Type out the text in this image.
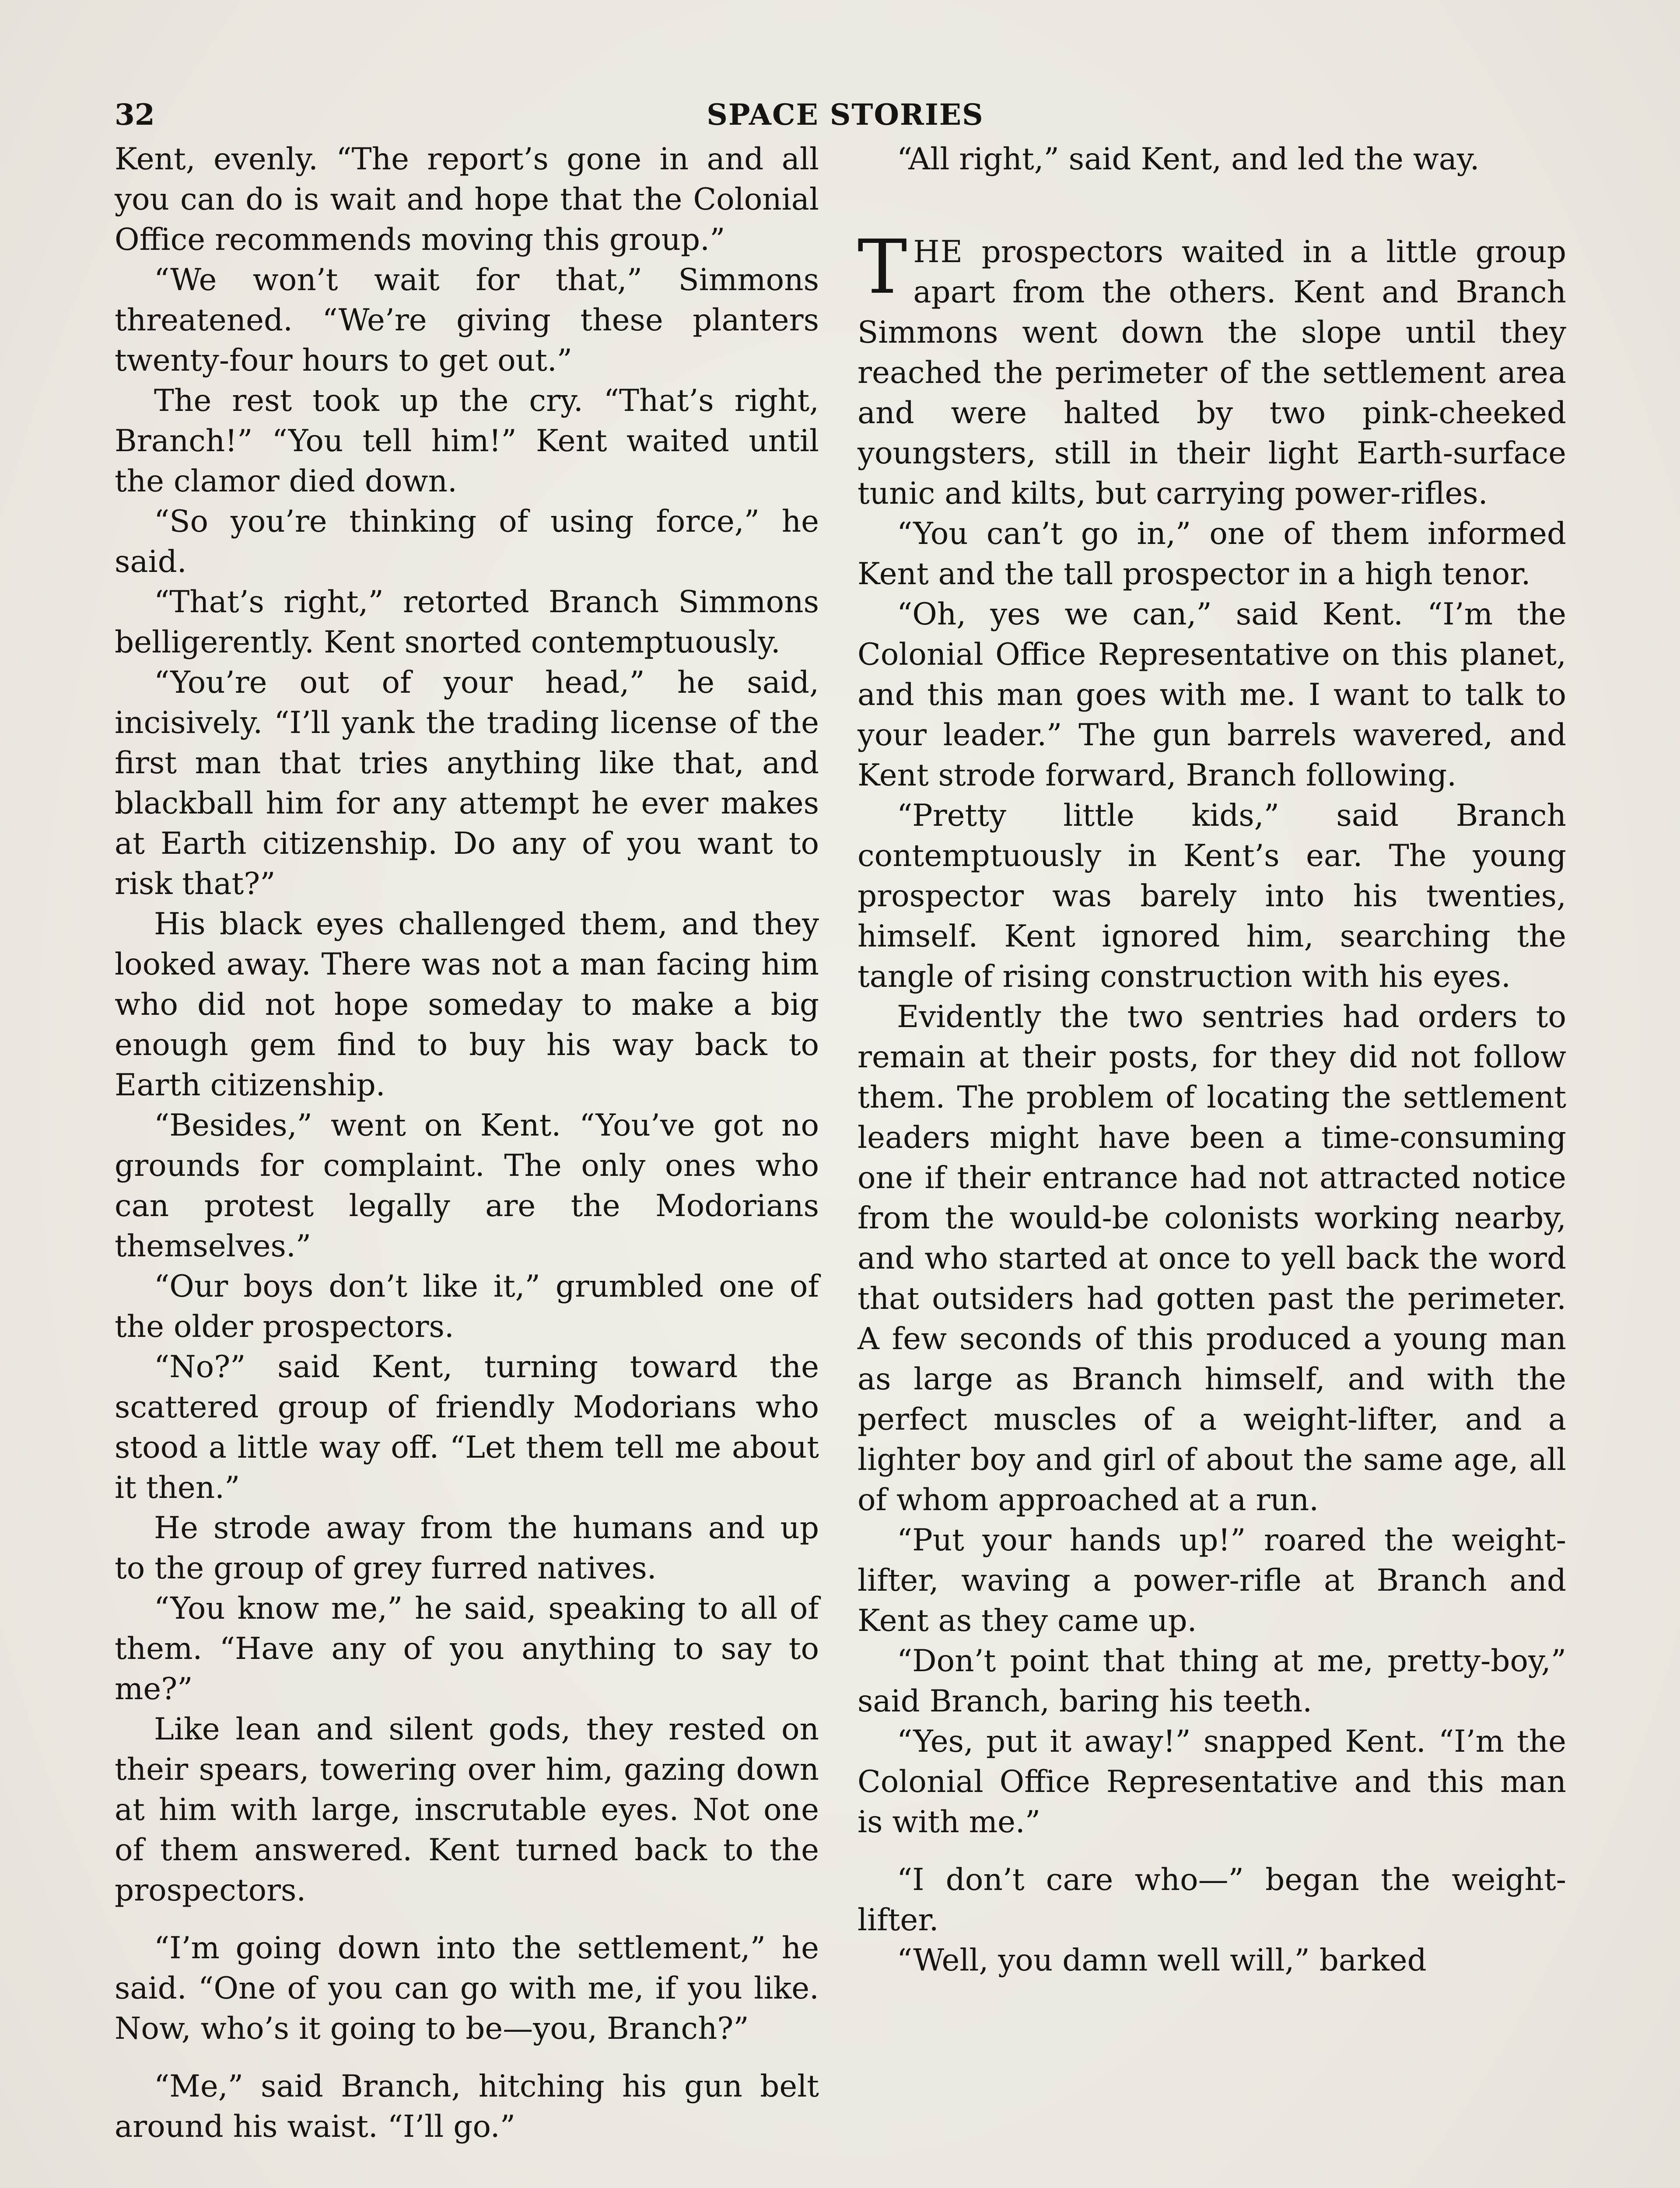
32	SPACE STORIES

Kent, evenly. “The report’s gone in and all you can do is wait and hope that the Colonial Office recommends moving this group.”

“We won’t wait for that,” Simmons threatened. “We’re giving these planters twenty-four hours to get out.”

The rest took up the cry. “That’s right, Branch!” “You tell him!” Kent waited until the clamor died down.

“So you’re thinking of using force,” he said.

“That’s right,” retorted Branch Simmons belligerently. Kent snorted contemptuously.

“You’re out of your head,” he said, incisively. “I’ll yank the trading license of the first man that tries anything like that, and blackball him for any attempt he ever makes at Earth citizenship. Do any of you want to risk that?”

His black eyes challenged them, and they looked away. There was not a man facing him who did not hope someday to make a big enough gem find to buy his way back to Earth citizenship.

“Besides,” went on Kent. “You’ve got no grounds for complaint. The only ones who can protest legally are the Modorians themselves.”

“Our boys don’t like it,” grumbled one of the older prospectors.

“No?” said Kent, turning toward the scattered group of friendly Modorians who stood a little way off. “Let them tell me about it then.”

He strode away from the humans and up to the group of grey furred natives.

“You know me,” he said, speaking to all of them. “Have any of you anything to say to me?”

Like lean and silent gods, they rested on their spears, towering over him, gazing down at him with large, inscrutable eyes. Not one of them answered. Kent turned back to the prospectors.

“I’m going down into the settlement,” he said. “One of you can go with me, if you like. Now, who’s it going to be—you, Branch?”

“Me,” said Branch, hitching his gun belt around his waist. “I’ll go.”

“All right,” said Kent, and led the way.

THE prospectors waited in a little group apart from the others. Kent and Branch Simmons went down the slope until they reached the perimeter of the settlement area and were halted by two pink-cheeked youngsters, still in their light Earth-surface tunic and kilts, but carrying power-rifles.

“You can’t go in,” one of them informed Kent and the tall prospector in a high tenor.

“Oh, yes we can,” said Kent. “I’m the Colonial Office Representative on this planet, and this man goes with me. I want to talk to your leader.” The gun barrels wavered, and Kent strode forward, Branch following.

“Pretty little kids,” said Branch contemptuously in Kent’s ear. The young prospector was barely into his twenties, himself. Kent ignored him, searching the tangle of rising construction with his eyes.

Evidently the two sentries had orders to remain at their posts, for they did not follow them. The problem of locating the settlement leaders might have been a time-consuming one if their entrance had not attracted notice from the would-be colonists working nearby, and who started at once to yell back the word that outsiders had gotten past the perimeter. A few seconds of this produced a young man as large as Branch himself, and with the perfect muscles of a weight-lifter, and a lighter boy and girl of about the same age, all of whom approached at a run.

“Put your hands up!” roared the weight-lifter, waving a power-rifle at Branch and Kent as they came up.

“Don’t point that thing at me, pretty-boy,” said Branch, baring his teeth.

“Yes, put it away!” snapped Kent. “I’m the Colonial Office Representative and this man is with me.”

“I don’t care who—” began the weight-lifter.

“Well, you damn well will,” barked
